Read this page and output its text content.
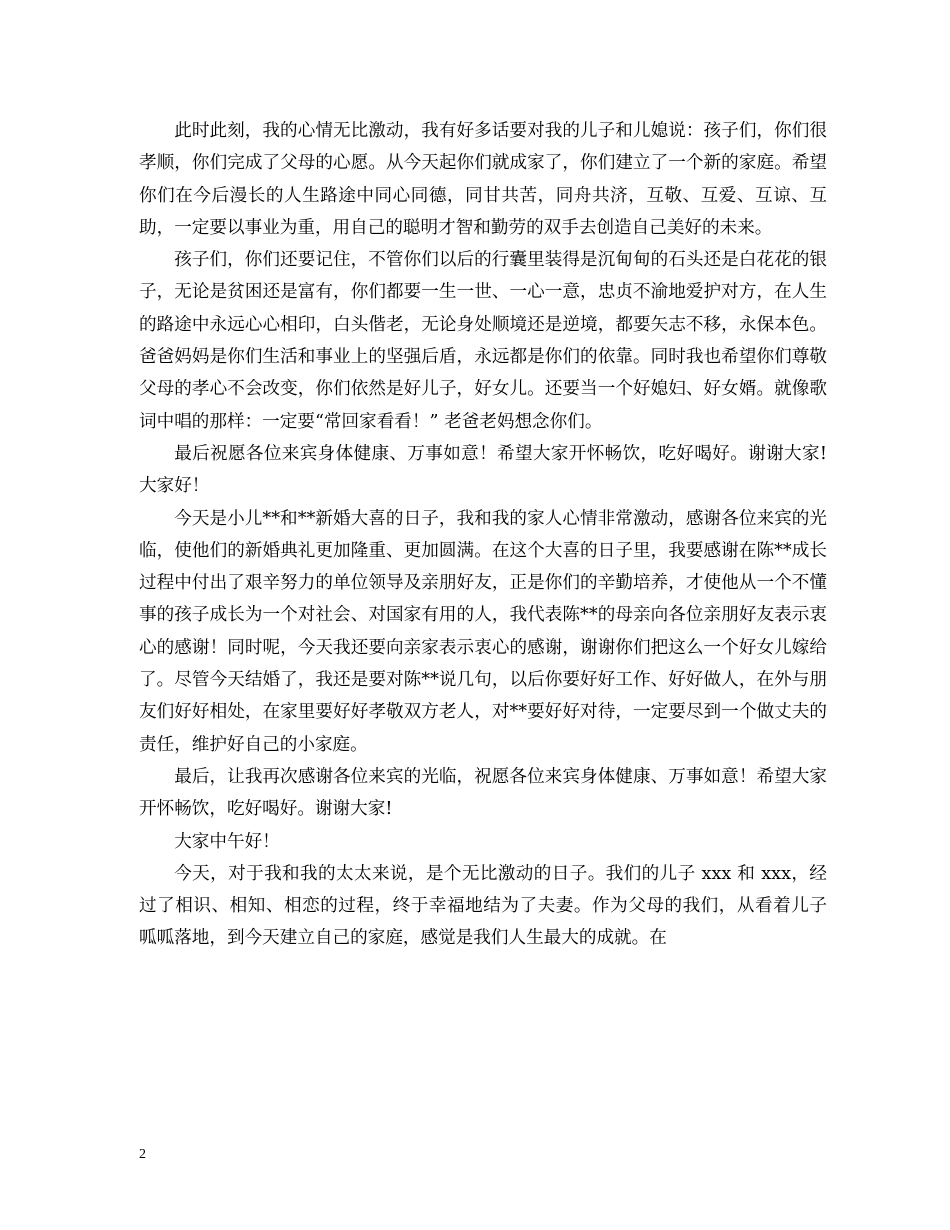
此时此刻，我的心情无比激动，我有好多话要对我的儿子和儿媳说：孩子们，你们很孝顺，你们完成了父母的心愿。从今天起你们就成家了，你们建立了一个新的家庭。希望你们在今后漫长的人生路途中同心同德，同甘共苦，同舟共济，互敬、互爱、互谅、互助，一定要以事业为重，用自己的聪明才智和勤劳的双手去创造自己美好的未来。

孩子们，你们还要记住，不管你们以后的行囊里装得是沉甸甸的石头还是白花花的银子，无论是贫困还是富有，你们都要一生一世、一心一意，忠贞不渝地爱护对方，在人生的路途中永远心心相印，白头偕老，无论身处顺境还是逆境，都要矢志不移，永保本色。爸爸妈妈是你们生活和事业上的坚强后盾，永远都是你们的依靠。同时我也希望你们尊敬父母的孝心不会改变，你们依然是好儿子，好女儿。还要当一个好媳妇、好女婿。就像歌词中唱的那样：一定要“常回家看看！” 老爸老妈想念你们。

最后祝愿各位来宾身体健康、万事如意！希望大家开怀畅饮，吃好喝好。谢谢大家!大家好！

今天是小儿**和**新婚大喜的日子，我和我的家人心情非常激动，感谢各位来宾的光临，使他们的新婚典礼更加隆重、更加圆满。在这个大喜的日子里，我要感谢在陈**成长过程中付出了艰辛努力的单位领导及亲朋好友，正是你们的辛勤培养，才使他从一个不懂事的孩子成长为一个对社会、对国家有用的人，我代表陈**的母亲向各位亲朋好友表示衷心的感谢！同时呢，今天我还要向亲家表示衷心的感谢，谢谢你们把这么一个好女儿嫁给了。尽管今天结婚了，我还是要对陈**说几句，以后你要好好工作、好好做人，在外与朋友们好好相处，在家里要好好孝敬双方老人，对**要好好对待，一定要尽到一个做丈夫的责任，维护好自己的小家庭。

最后，让我再次感谢各位来宾的光临，祝愿各位来宾身体健康、万事如意！希望大家开怀畅饮，吃好喝好。谢谢大家!

大家中午好！

今天，对于我和我的太太来说，是个无比激动的日子。我们的儿子 xxx 和 xxx，经过了相识、相知、相恋的过程，终于幸福地结为了夫妻。作为父母的我们，从看着儿子 呱呱落地，到今天建立自己的家庭，感觉是我们人生最大的成就。在

2
